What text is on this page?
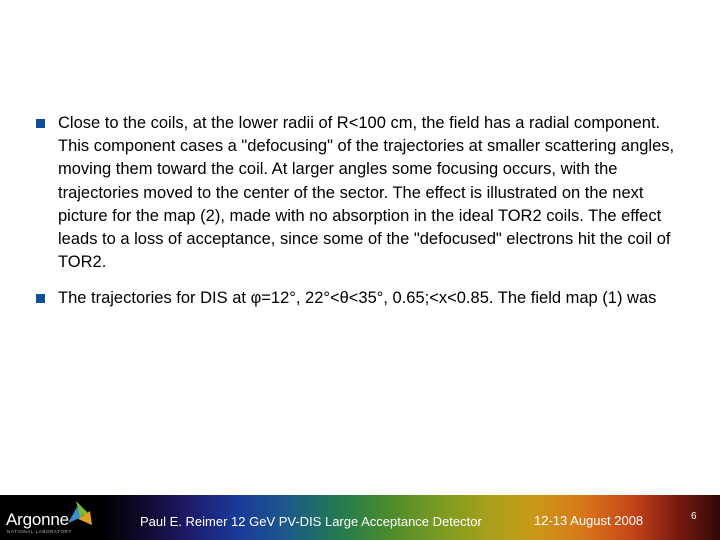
Close to the coils, at the lower radii of R<100 cm, the field has a radial component. This component cases a "defocusing" of the trajectories at smaller scattering angles, moving them toward the coil. At larger angles some focusing occurs, with the trajectories moved to the center of the sector. The effect is illustrated on the next picture for the map (2), made with no absorption in the ideal TOR2 coils. The effect leads to a loss of acceptance, since some of the "defocused" electrons hit the coil of TOR2.
The trajectories for DIS at φ=12°, 22°<θ<35°, 0.65;<x<0.85. The field map (1) was
Argonne
NATIONAL LABORATORY
Paul E. Reimer 12 GeV PV-DIS Large Acceptance Detector	12-13 August 2008	6
